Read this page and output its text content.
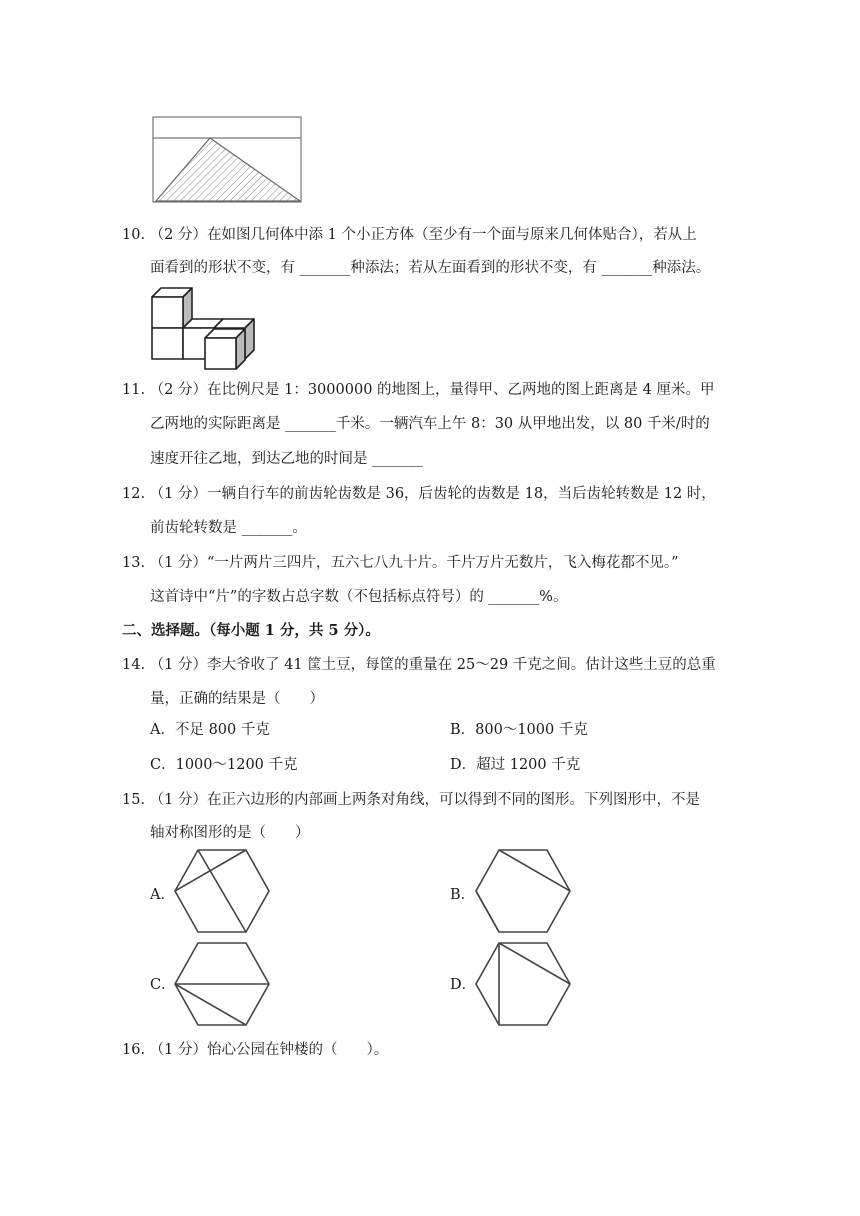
10. （2 分）在如图几何体中添 1 个小正方体（至少有一个面与原来几何体贴合），若从上
面看到的形状不变，有 _______种添法；若从左面看到的形状不变，有 _______种添法。
11. （2 分）在比例尺是 1：3000000 的地图上，量得甲、乙两地的图上距离是 4 厘米。甲
乙两地的实际距离是 _______千米。一辆汽车上午 8：30 从甲地出发，以 80 千米/时的
速度开往乙地，到达乙地的时间是 _______
12. （1 分）一辆自行车的前齿轮齿数是 36，后齿轮的齿数是 18，当后齿轮转数是 12 时，
前齿轮转数是 _______。
13. （1 分）“一片两片三四片，五六七八九十片。千片万片无数片，飞入梅花都不见。”
这首诗中“片”的字数占总字数（不包括标点符号）的 _______%。
二、选择题。（每小题 1 分，共 5 分）。
14. （1 分）李大爷收了 41 筐土豆，每筐的重量在 25～29 千克之间。估计这些土豆的总重
量，正确的结果是（　　）
A．不足 800 千克	B．800～1000 千克
C．1000～1200 千克	D．超过 1200 千克
15. （1 分）在正六边形的内部画上两条对角线，可以得到不同的图形。下列图形中，不是
轴对称图形的是（　　）
A．	B．
C．	D．
16. （1 分）怡心公园在钟楼的（　　）。
